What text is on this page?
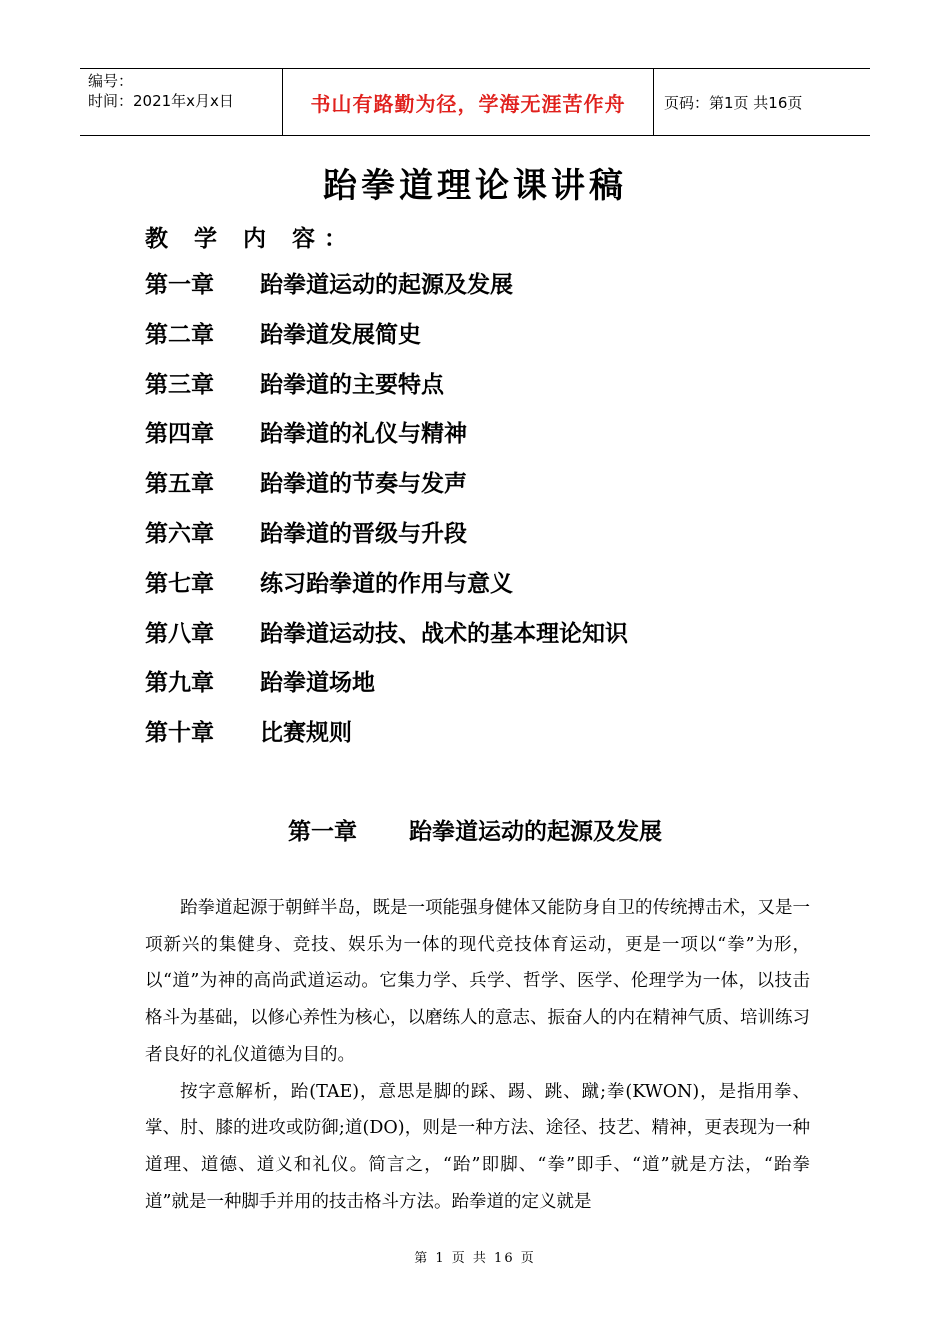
编号：
时间：2021年x月x日	书山有路勤为径，学海无涯苦作舟	页码：第1页 共16页
跆拳道理论课讲稿
教 学 内 容：
第一章	跆拳道运动的起源及发展
第二章	跆拳道发展简史
第三章	跆拳道的主要特点
第四章	跆拳道的礼仪与精神
第五章	跆拳道的节奏与发声
第六章	跆拳道的晋级与升段
第七章	练习跆拳道的作用与意义
第八章	跆拳道运动技、战术的基本理论知识
第九章	跆拳道场地
第十章	比赛规则
第一章 跆拳道运动的起源及发展

跆拳道起源于朝鲜半岛，既是一项能强身健体又能防身自卫的传统搏击术，又是一项新兴的集健身、竞技、娱乐为一体的现代竞技体育运动，更是一项以“拳”为形，以“道”为神的高尚武道运动。它集力学、兵学、哲学、医学、伦理学为一体，以技击格斗为基础，以修心养性为核心，以磨练人的意志、振奋人的内在精神气质、培训练习者良好的礼仪道德为目的。

按字意解析，跆(TAE)，意思是脚的踩、踢、跳、蹴;拳(KWON)，是指用拳、掌、肘、膝的进攻或防御;道(DO)，则是一种方法、途径、技艺、精神，更表现为一种道理、道德、道义和礼仪。简言之，“跆”即脚、“拳”即手、“道”就是方法，“跆拳道”就是一种脚手并用的技击格斗方法。跆拳道的定义就是

第 1 页 共 16 页
